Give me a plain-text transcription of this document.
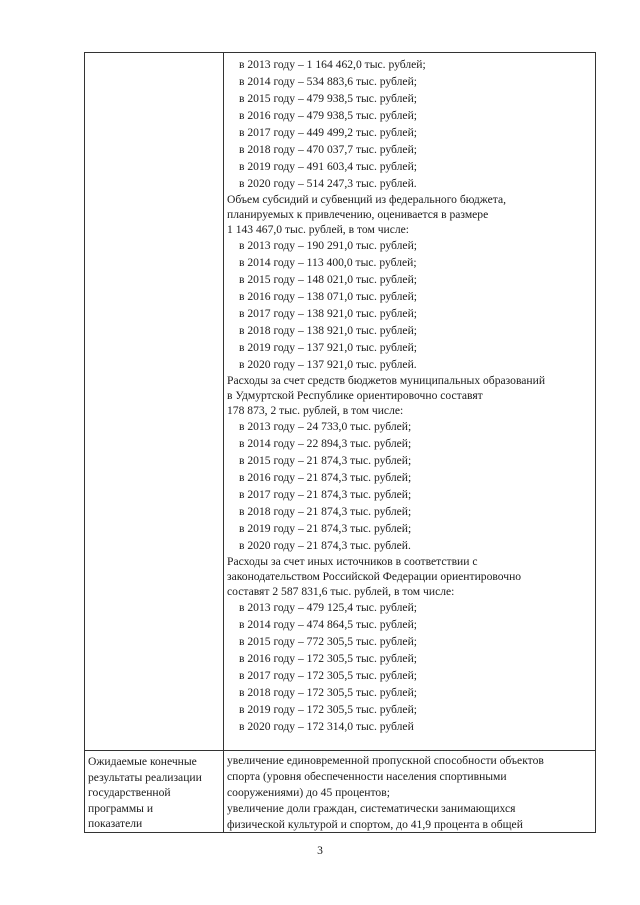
в 2013 году – 1 164 462,0 тыс. рублей;
в 2014 году – 534 883,6 тыс. рублей;
в 2015 году – 479 938,5 тыс. рублей;
в 2016 году – 479 938,5 тыс. рублей;
в 2017 году – 449 499,2 тыс. рублей;
в 2018 году – 470 037,7 тыс. рублей;
в 2019 году – 491 603,4 тыс. рублей;
в 2020 году – 514 247,3 тыс. рублей.
Объем субсидий и субвенций из федерального бюджета,
планируемых к привлечению, оценивается в размере
1 143 467,0 тыс. рублей, в том числе:
в 2013 году – 190 291,0 тыс. рублей;
в 2014 году – 113 400,0 тыс. рублей;
в 2015 году – 148 021,0 тыс. рублей;
в 2016 году – 138 071,0 тыс. рублей;
в 2017 году – 138 921,0 тыс. рублей;
в 2018 году – 138 921,0 тыс. рублей;
в 2019 году – 137 921,0 тыс. рублей;
в 2020 году – 137 921,0 тыс. рублей.
Расходы за счет средств бюджетов муниципальных образований
в Удмуртской Республике ориентировочно составят
178 873, 2 тыс. рублей, в том числе:
в 2013 году – 24 733,0 тыс. рублей;
в 2014 году – 22 894,3 тыс. рублей;
в 2015 году – 21 874,3 тыс. рублей;
в 2016 году – 21 874,3 тыс. рублей;
в 2017 году – 21 874,3 тыс. рублей;
в 2018 году – 21 874,3 тыс. рублей;
в 2019 году – 21 874,3 тыс. рублей;
в 2020 году – 21 874,3 тыс. рублей.
Расходы за счет иных источников в соответствии с
законодательством Российской Федерации ориентировочно
составят 2 587 831,6 тыс. рублей, в том числе:
в 2013 году – 479 125,4 тыс. рублей;
в 2014 году – 474 864,5 тыс. рублей;
в 2015 году – 772 305,5 тыс. рублей;
в 2016 году – 172 305,5 тыс. рублей;
в 2017 году – 172 305,5 тыс. рублей;
в 2018 году – 172 305,5 тыс. рублей;
в 2019 году – 172 305,5 тыс. рублей;
в 2020 году – 172 314,0 тыс. рублей
Ожидаемые конечные
результаты реализации
государственной
программы и
показатели
увеличение единовременной пропускной способности объектов
спорта (уровня обеспеченности населения спортивными
сооружениями) до 45 процентов;
увеличение доли граждан, систематически занимающихся
физической культурой и спортом, до 41,9 процента в общей
3
